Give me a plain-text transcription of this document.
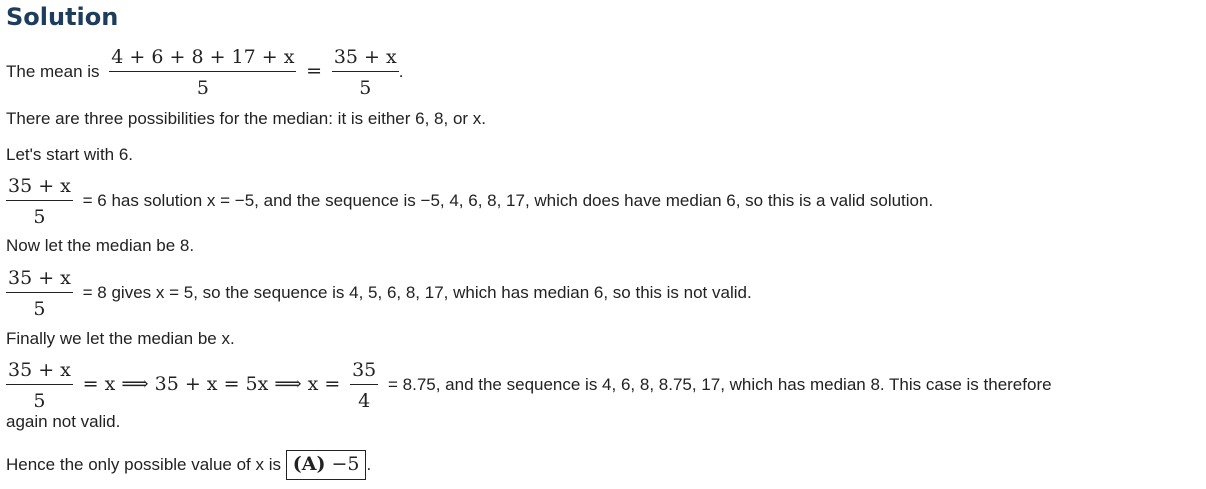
Solution
The mean is $\frac{4 + 6 + 8 + 17 + x}{5} = \frac{35 + x}{5}$ .
There are three possibilities for the median: it is either 6, 8, or x.
Let's start with 6.
$\frac{35 + x}{5} = 6$ has solution x = −5, and the sequence is −5, 4, 6, 8, 17, which does have median 6, so this is a valid solution.
Now let the median be 8.
$\frac{35 + x}{5} = 8$ gives x = 5, so the sequence is 4, 5, 6, 8, 17, which has median 6, so this is not valid.
Finally we let the median be x.
$\frac{35 + x}{5} = x$ ⟹ 35 + x = 5x ⟹ $x = \frac{35}{4} = 8.75$, and the sequence is 4, 6, 8, 8.75, 17, which has median 8. This case is therefore
again not valid.
Hence the only possible value of x is (A) −5 .
